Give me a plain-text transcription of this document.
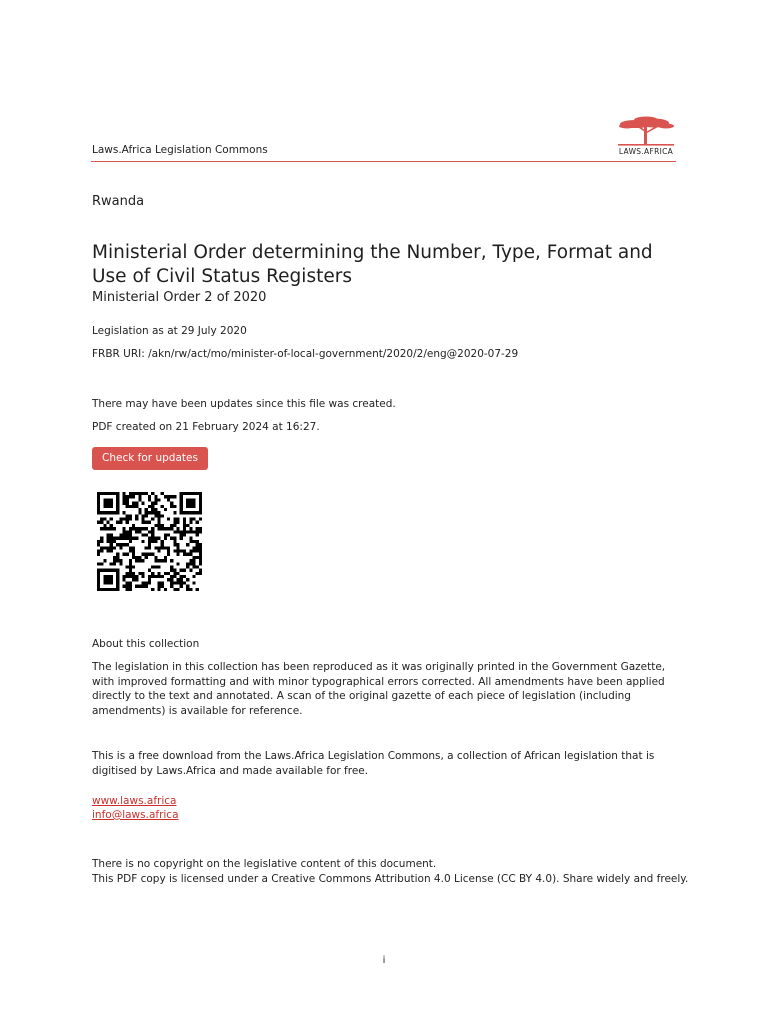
Laws.Africa Legislation Commons	LAWS.AFRICA
Rwanda
Ministerial Order determining the Number, Type, Format and Use of Civil Status Registers
Ministerial Order 2 of 2020
Legislation as at 29 July 2020
FRBR URI: /akn/rw/act/mo/minister-of-local-government/2020/2/eng@2020-07-29
There may have been updates since this file was created.
PDF created on 21 February 2024 at 16:27.
Check for updates
About this collection
The legislation in this collection has been reproduced as it was originally printed in the Government Gazette, with improved formatting and with minor typographical errors corrected. All amendments have been applied directly to the text and annotated. A scan of the original gazette of each piece of legislation (including amendments) is available for reference.
This is a free download from the Laws.Africa Legislation Commons, a collection of African legislation that is digitised by Laws.Africa and made available for free.
www.laws.africa
info@laws.africa
There is no copyright on the legislative content of this document.
This PDF copy is licensed under a Creative Commons Attribution 4.0 License (CC BY 4.0). Share widely and freely.
i
